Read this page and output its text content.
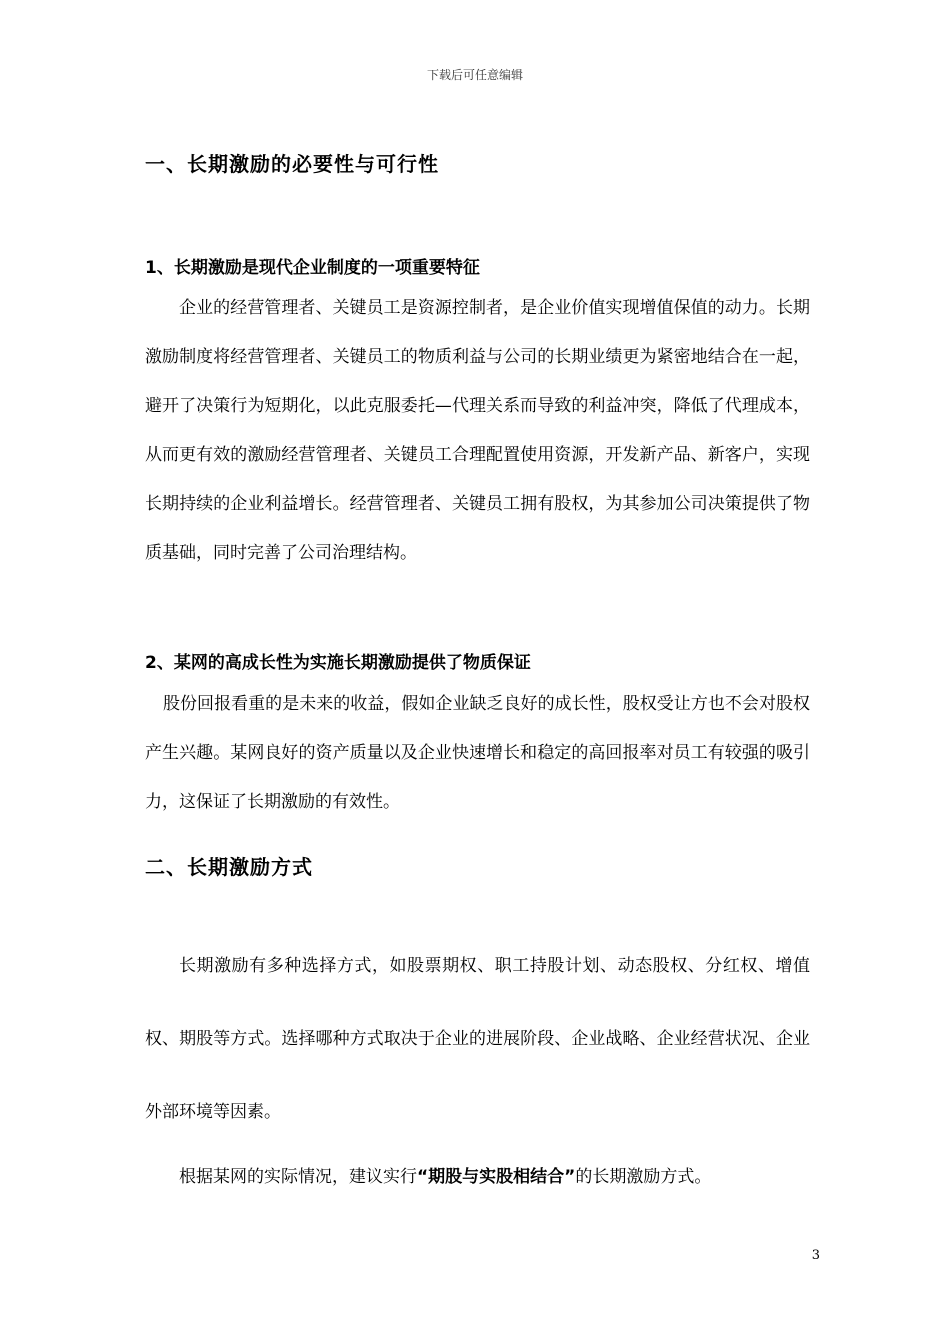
下载后可任意编辑
一、长期激励的必要性与可行性
1、长期激励是现代企业制度的一项重要特征
企业的经营管理者、关键员工是资源控制者，是企业价值实现增值保值的动力。长期激励制度将经营管理者、关键员工的物质利益与公司的长期业绩更为紧密地结合在一起，避开了决策行为短期化，以此克服委托—代理关系而导致的利益冲突，降低了代理成本，从而更有效的激励经营管理者、关键员工合理配置使用资源，开发新产品、新客户，实现长期持续的企业利益增长。经营管理者、关键员工拥有股权，为其参加公司决策提供了物质基础，同时完善了公司治理结构。
2、某网的高成长性为实施长期激励提供了物质保证
股份回报看重的是未来的收益，假如企业缺乏良好的成长性，股权受让方也不会对股权产生兴趣。某网良好的资产质量以及企业快速增长和稳定的高回报率对员工有较强的吸引力，这保证了长期激励的有效性。
二、长期激励方式
长期激励有多种选择方式，如股票期权、职工持股计划、动态股权、分红权、增值权、期股等方式。选择哪种方式取决于企业的进展阶段、企业战略、企业经营状况、企业外部环境等因素。
根据某网的实际情况，建议实行“期股与实股相结合”的长期激励方式。
3
